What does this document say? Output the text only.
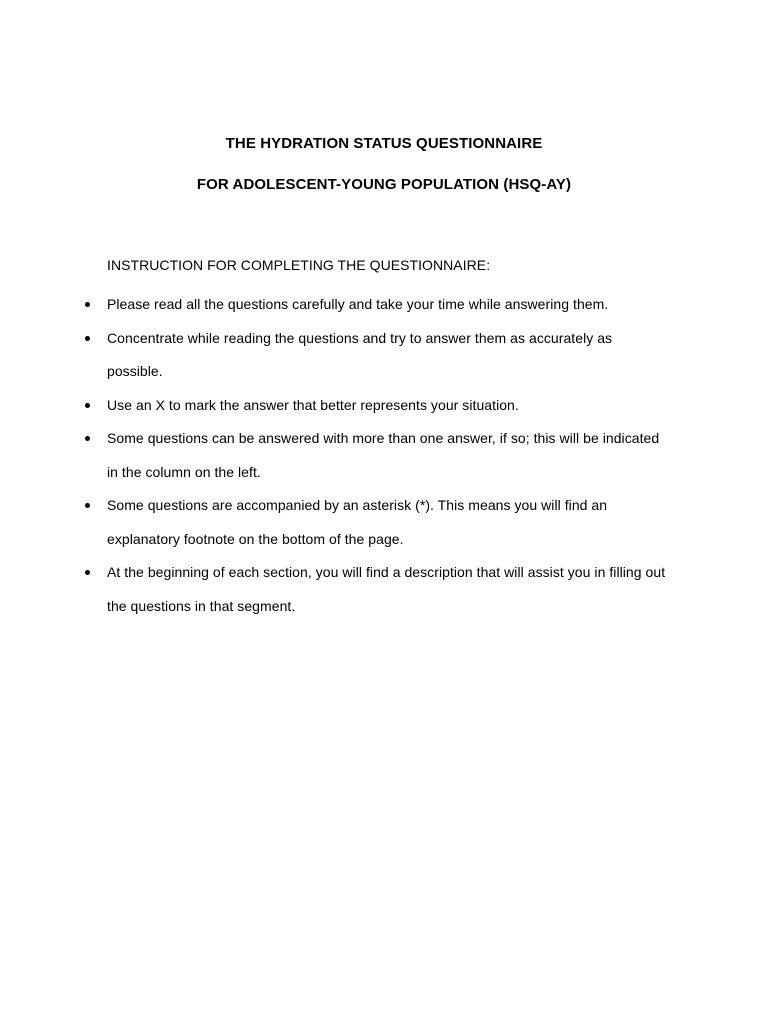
THE HYDRATION STATUS QUESTIONNAIRE
FOR ADOLESCENT-YOUNG POPULATION (HSQ-AY)
INSTRUCTION FOR COMPLETING THE QUESTIONNAIRE:
Please read all the questions carefully and take your time while answering them.
Concentrate while reading the questions and try to answer them as accurately as possible.
Use an X to mark the answer that better represents your situation.
Some questions can be answered with more than one answer, if so; this will be indicated in the column on the left.
Some questions are accompanied by an asterisk (*). This means you will find an explanatory footnote on the bottom of the page.
At the beginning of each section, you will find a description that will assist you in filling out the questions in that segment.
